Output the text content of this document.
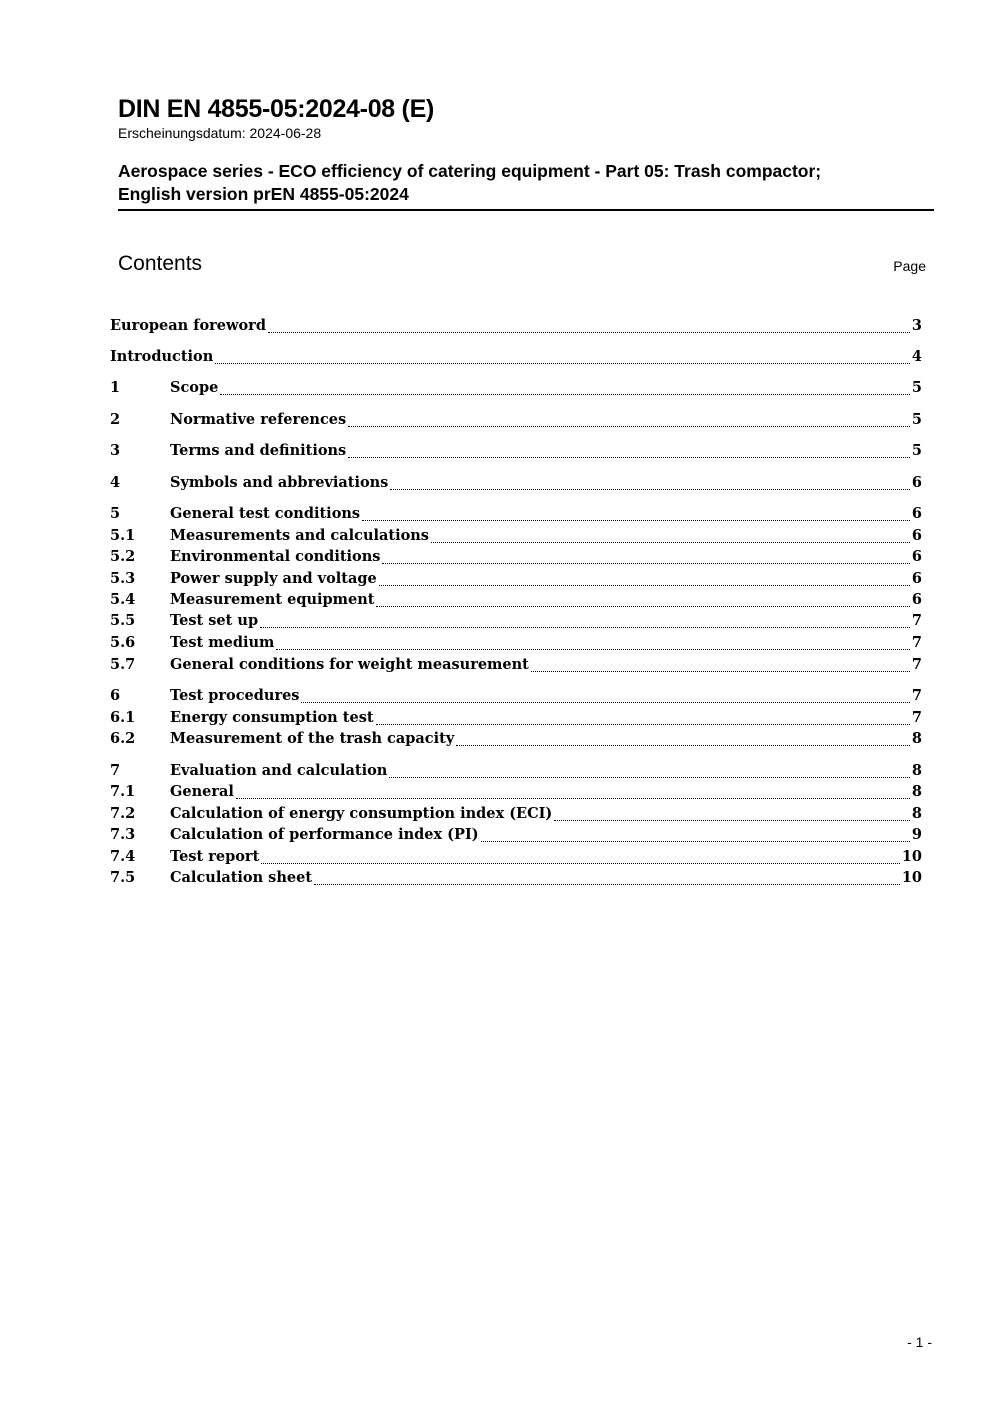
DIN EN 4855-05:2024-08 (E)
Erscheinungsdatum: 2024-06-28
Aerospace series - ECO efficiency of catering equipment - Part 05: Trash compactor;
English version prEN 4855-05:2024
Contents	Page
European foreword	3
Introduction	4
1	Scope	5
2	Normative references	5
3	Terms and definitions	5
4	Symbols and abbreviations	6
5	General test conditions	6
5.1	Measurements and calculations	6
5.2	Environmental conditions	6
5.3	Power supply and voltage	6
5.4	Measurement equipment	6
5.5	Test set up	7
5.6	Test medium	7
5.7	General conditions for weight measurement	7
6	Test procedures	7
6.1	Energy consumption test	7
6.2	Measurement of the trash capacity	8
7	Evaluation and calculation	8
7.1	General	8
7.2	Calculation of energy consumption index (ECI)	8
7.3	Calculation of performance index (PI)	9
7.4	Test report	10
7.5	Calculation sheet	10
- 1 -
